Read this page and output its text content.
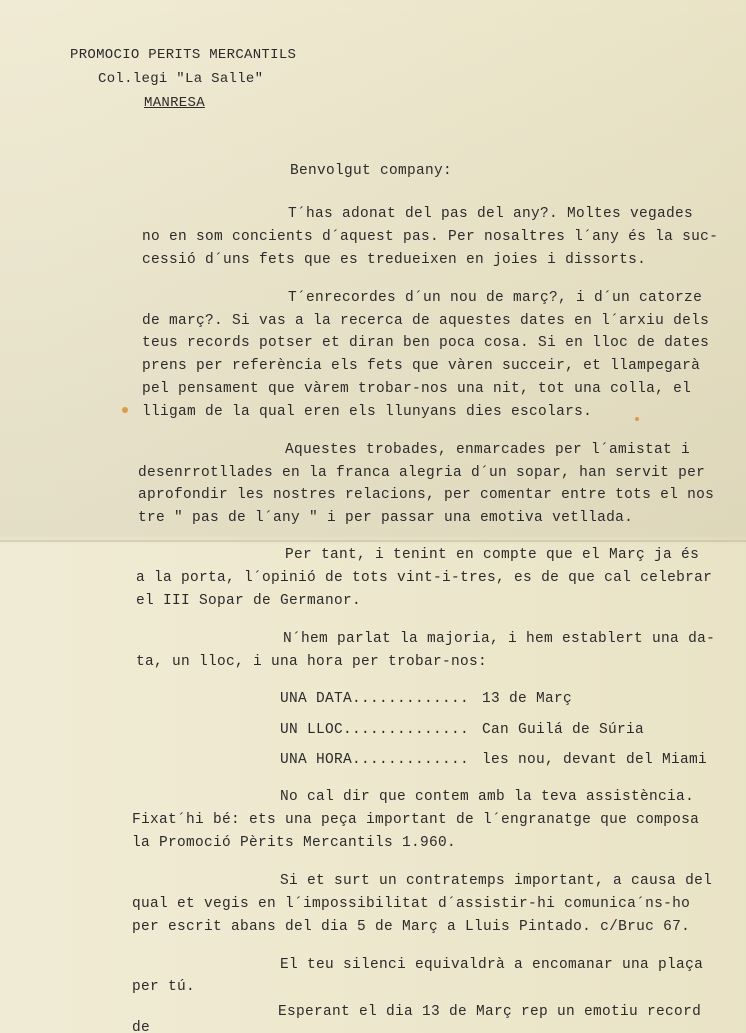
PROMOCIO PERITS MERCANTILS
Col.legi "La Salle"
MANRESA
Benvolgut company:
T´has adonat del pas del any?. Moltes vegades
no en som concients d´aquest pas. Per nosaltres l´any és la suc-
cessió d´uns fets que es tredueixen en joies i dissorts.
T´enrecordes d´un nou de març?, i d´un catorze
de març?. Si vas a la recerca de aquestes dates en l´arxiu dels
teus records potser et diran ben poca cosa. Si en lloc de dates
prens per referència els fets que vàren succeir, et llampegarà
pel pensament que vàrem trobar-nos una nit, tot una colla, el
lligam de la qual eren els llunyans dies escolars.
Aquestes trobades, enmarcades per l´amistat i
desenrrotllades en la franca alegria d´un sopar, han servit per
aprofondir les nostres relacions, per comentar entre tots el nos
tre " pas de l´any " i per passar una emotiva vetllada.
Per tant, i tenint en compte que el Març ja és
a la porta, l´opinió de tots vint-i-tres, es de que cal celebrar
el III Sopar de Germanor.
N´hem parlat la majoria, i hem establert una da-
ta, un lloc, i una hora per trobar-nos:
UNA DATA............. 13 de Març
UN LLOC.............. Can Guilá de Súria
UNA HORA............. les nou, devant del Miami
No cal dir que contem amb la teva assistència.
Fixat´hi bé: ets una peça important de l´engranatge que composa
la Promoció Pèrits Mercantils 1.960.
Si et surt un contratemps important, a causa del
qual et vegis en l´impossibilitat d´assistir-hi comunica´ns-ho
per escrit abans del dia 5 de Març a Lluis Pintado. c/Bruc 67.
El teu silenci equivaldrà a encomanar una plaça
per tú.
Esperant el dia 13 de Març rep un emotiu record
de
